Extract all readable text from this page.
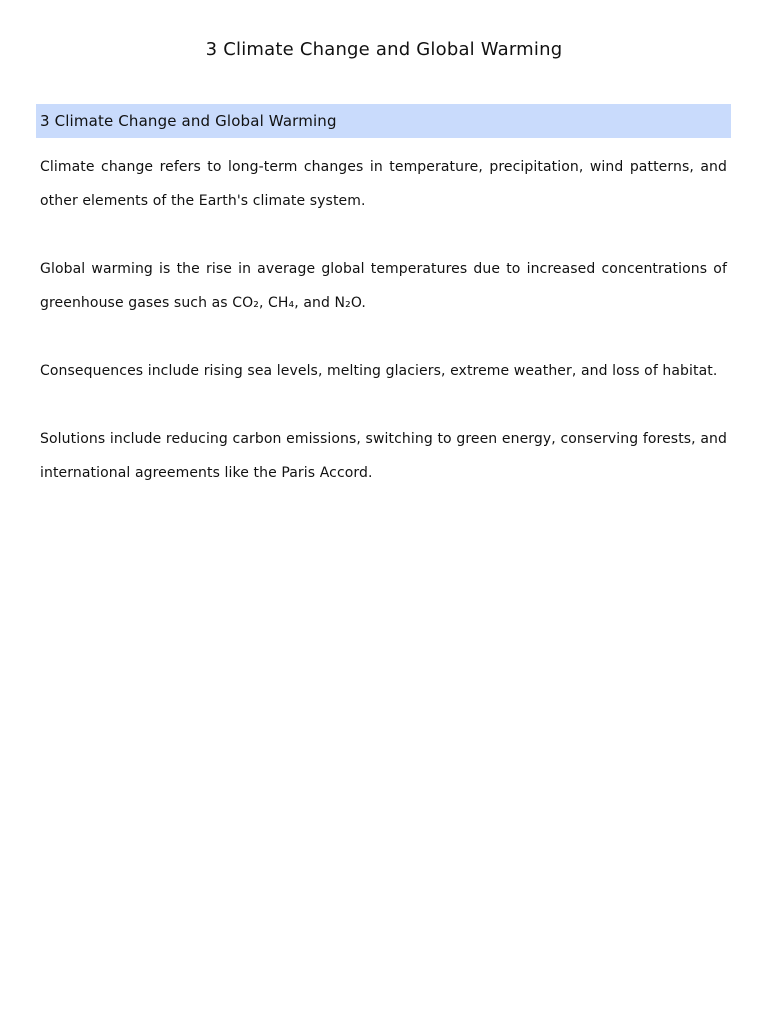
3 Climate Change and Global Warming
3 Climate Change and Global Warming

Climate change refers to long-term changes in temperature, precipitation, wind patterns, and other elements of the Earth's climate system.

Global warming is the rise in average global temperatures due to increased concentrations of greenhouse gases such as CO₂, CH₄, and N₂O.

Consequences include rising sea levels, melting glaciers, extreme weather, and loss of habitat.

Solutions include reducing carbon emissions, switching to green energy, conserving forests, and international agreements like the Paris Accord.
